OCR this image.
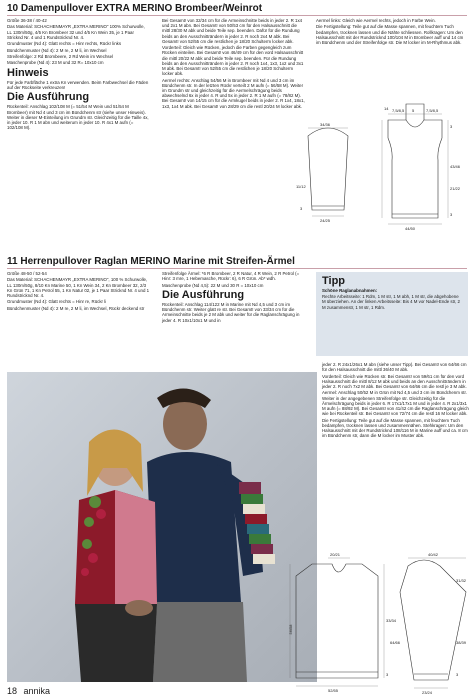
10 Damenpullover EXTRA MERINO Brombeer/Weinrot

Größe 36-38 / 40-42

Das Material: SCHACHENMAYR „EXTRA MERINO“ 100% Schurwolle, LL 130m/50g, 4/5 Kn Brombeer 32 und 4/5 Kn Wein 35, je 1 Paar Stricknd Nr. 4 und 1 Rundstricknd Nr. 4.

Grundmuster (Nd 4): Glatt rechts = Hinr rechts, Rückr links

Bündchenmuster (Nd 4): 2 M re, 2 M li, im Wechsel

Streifenfolge: 2 Rd Brombeere, 2 Rd Wein im Wechsel

Maschenprobe (Nd 4): 23 M und 32 R= 10x10 cm

Hinweis

Für jede Farbfläche 1 extra Kn verwenden. Beim Farbwechsel die Fäden auf der Rückseite verkreuzen!

Die Ausführung

Rückenteil: Anschlag 102/108 M (= 51/54 M Wein und 51/54 M Brombeer) mit Nd 4 und 3 cm im Bündchenm str (siehe unser Hinweis). Weiter in dieser M-Einteilung im Grundm str. Gleichzeitig für die Taille 4x, in jeder 10. R 1 M abn und weiterum in jeder 10. R 4x1 M aufn (= 102/108 M).

Bei Gesamt! von 32/34 cm für die Armeinschnitte beids in jeder 2. R 1x4 und 2x1 M abn. Bei Gesamt! von 50/53 cm für den Halsausschnitt die mittl 28/30 M abk und beide Teile sep. beenden. Dafür für die Rundung beids an den Ausschnitträndern in jeder 2. R noch 2x4 M abk. Bei Gesamt! von 52/55 cm die restlichen je 18/20 Schulterm locker abk.

Vorderteil: Gleich wie Rücken, jedoch die Farben gegengleich zum Rücken einteilen. Bei Gesamt! von 46/49 cm für den vord Halsausschnitt die mittl 20/22 M abk und beide Teile sep. beenden. Für die Rundung beids an den Ausschnitträndern in jeder 2. R noch 1x4, 1x3, 1x2 und 3x1 M abk. Bei Gesamt! von 52/55 cm die restlichen je 18/20 Schulterm locker abk.

Aermel rechts: Anschlag 54/56 M in Brombeer mit Nd 4 und 3 cm im Bündchenm str. In der letzten Rückr verteilt 2 M aufn (= 56/58 M). Weiter im Grundm str und gleichzeitig für die Aermelschrägung beids abwechselnd 6x in jeder 4. R und 5x in jeder 2. R 1 M aufn (= 78/82 M). Bei Gesamt! von 14/15 cm für die Armkugel beids in jeder 2. R 1x4, 18x1, 1x3, 1x4 M abk. Bei Gesamt! von 28/29 cm die restl 20/24 M locker abk.

Aermel links: Gleich wie Aermel rechts, jedoch in Farbe Wein.

Die Fertigstellung: Teile gut auf die Masse spannen, mit feuchtem Tuch bedampfen, trocknen lassen und die Nähte schliessen. Rollkragen: Um den Halsausschnitt mit der Rundstricknd 100/104 M in Brombeer auff und 14 cm im Bündchenm und der Streifenfolge str. Die M locker im M-Rhythmus abk.

7,5/8,5 5	7,5/8,5
44/50
3
43/46
21/22
3
14
34/36
24/25
11/12
3
11 Herrenpullover Raglan MERINO Marine mit Streifen-Ärmel

Größe 48-50 / 52-54

Das Material: SCHACHENMAYR „EXTRA MERINO“, 100 % Schurwolle, LL 130m/50g, 8/10 Kn Marine 50, 1 Kn Wein 34, 2 Kn Brombeer 32, 2/3 Kn Grün 71, 1 Kn Petrol 55, 1 Kn Natur 02, je 1 Paar Stricknd Nr. 4 und 1 Rundstricknd Nr. 4.

Grundmuster (Nd 4): Glatt rechts = Hinr re, Rückr li

Bündchenmuster (Nd 4): 2 M re, 2 M li, im Wechsel, Rückr deckend str

Streifenfolge Ärmel: *6 R Brombeer, 2 R Natur, 4 R Wein, 2 R Petrol (= Hinr: 3 mre, 1 Hebemasche, Rückr: 6), 6 R Grün. Ab* wdh.

Maschenprobe (Nd 4,5): 22 M und 30 R = 10x10 cm

Die Ausführung

Rückenteil: Anschlag 114/122 M in Marine mit Nd 4,5 und 3 cm im Bündchenm str. Weiter glatt re str. Bei Gesamt! von 33/34 cm für die Armeinschnitte beids je 2 M abk und weiter für die Raglanschrägung in jeder 4. R 10x1/10x1 M und in

Tipp
Schöne Raglanabnahmen:
Rechte Arbeitsseite: 1 Rdm, 1 M str, 1 M abh, 1 M str, die abgehobene M überziehen. An der linken Arbeitsseite: Bis 4 M vor Nadel-Ende str, 2 M zusammenstr, 1 M str, 1 Rdm.

jeder 2. R 24x1/26x1 M abn (siehe unser Tipp). Bei Gesamt! von 64/66 cm für den Halsausschnitt die mittl 36/40 M abk.

Vorderteil: Gleich wie Rücken str. Bei Gesamt! von 59/61 cm für den vord Halsausschnitt die mittl 8/12 M abk und beids an den Ausschnitträndern in jeder 2. R noch 7x2 M abk. Bei Gesamt! von 64/66 cm die restl je 3 M abk.

Aermel: Anschlag 50/52 M in Grün mit Nd 4,5 und 3 cm im Bündchenm str. Weiter in der angegebenen Streifenfolge str. Gleichzeitig für die Ärmelschrägung beids in jeder 6. R 17x1/17x1 M und in jeder 4. R 2x1/3x1 M aufn (= 88/92 M). Bei Gesamt! von 41/42 cm die Raglanschrägung gleich wie bei Rückenteil str. Bei Gesamt! von 72/74 cm die restl 16 M locker abk.

Die Fertigstellung: Teile gut auf die Masse spannen, mit feuchtem Tuch bedampfen, trocknen lassen und zusammennähen. Stehkragen: Um den Halsausschnitt mit der Rundstricknd 108/116 M in Marine auff und ca. 8 cm im Bündchenm str, dann die M locker im Muster abk.

20/21
52/55
56/58
33/34
3
40/42
64/66
31/32
38/39
3
23/24
18 annika
